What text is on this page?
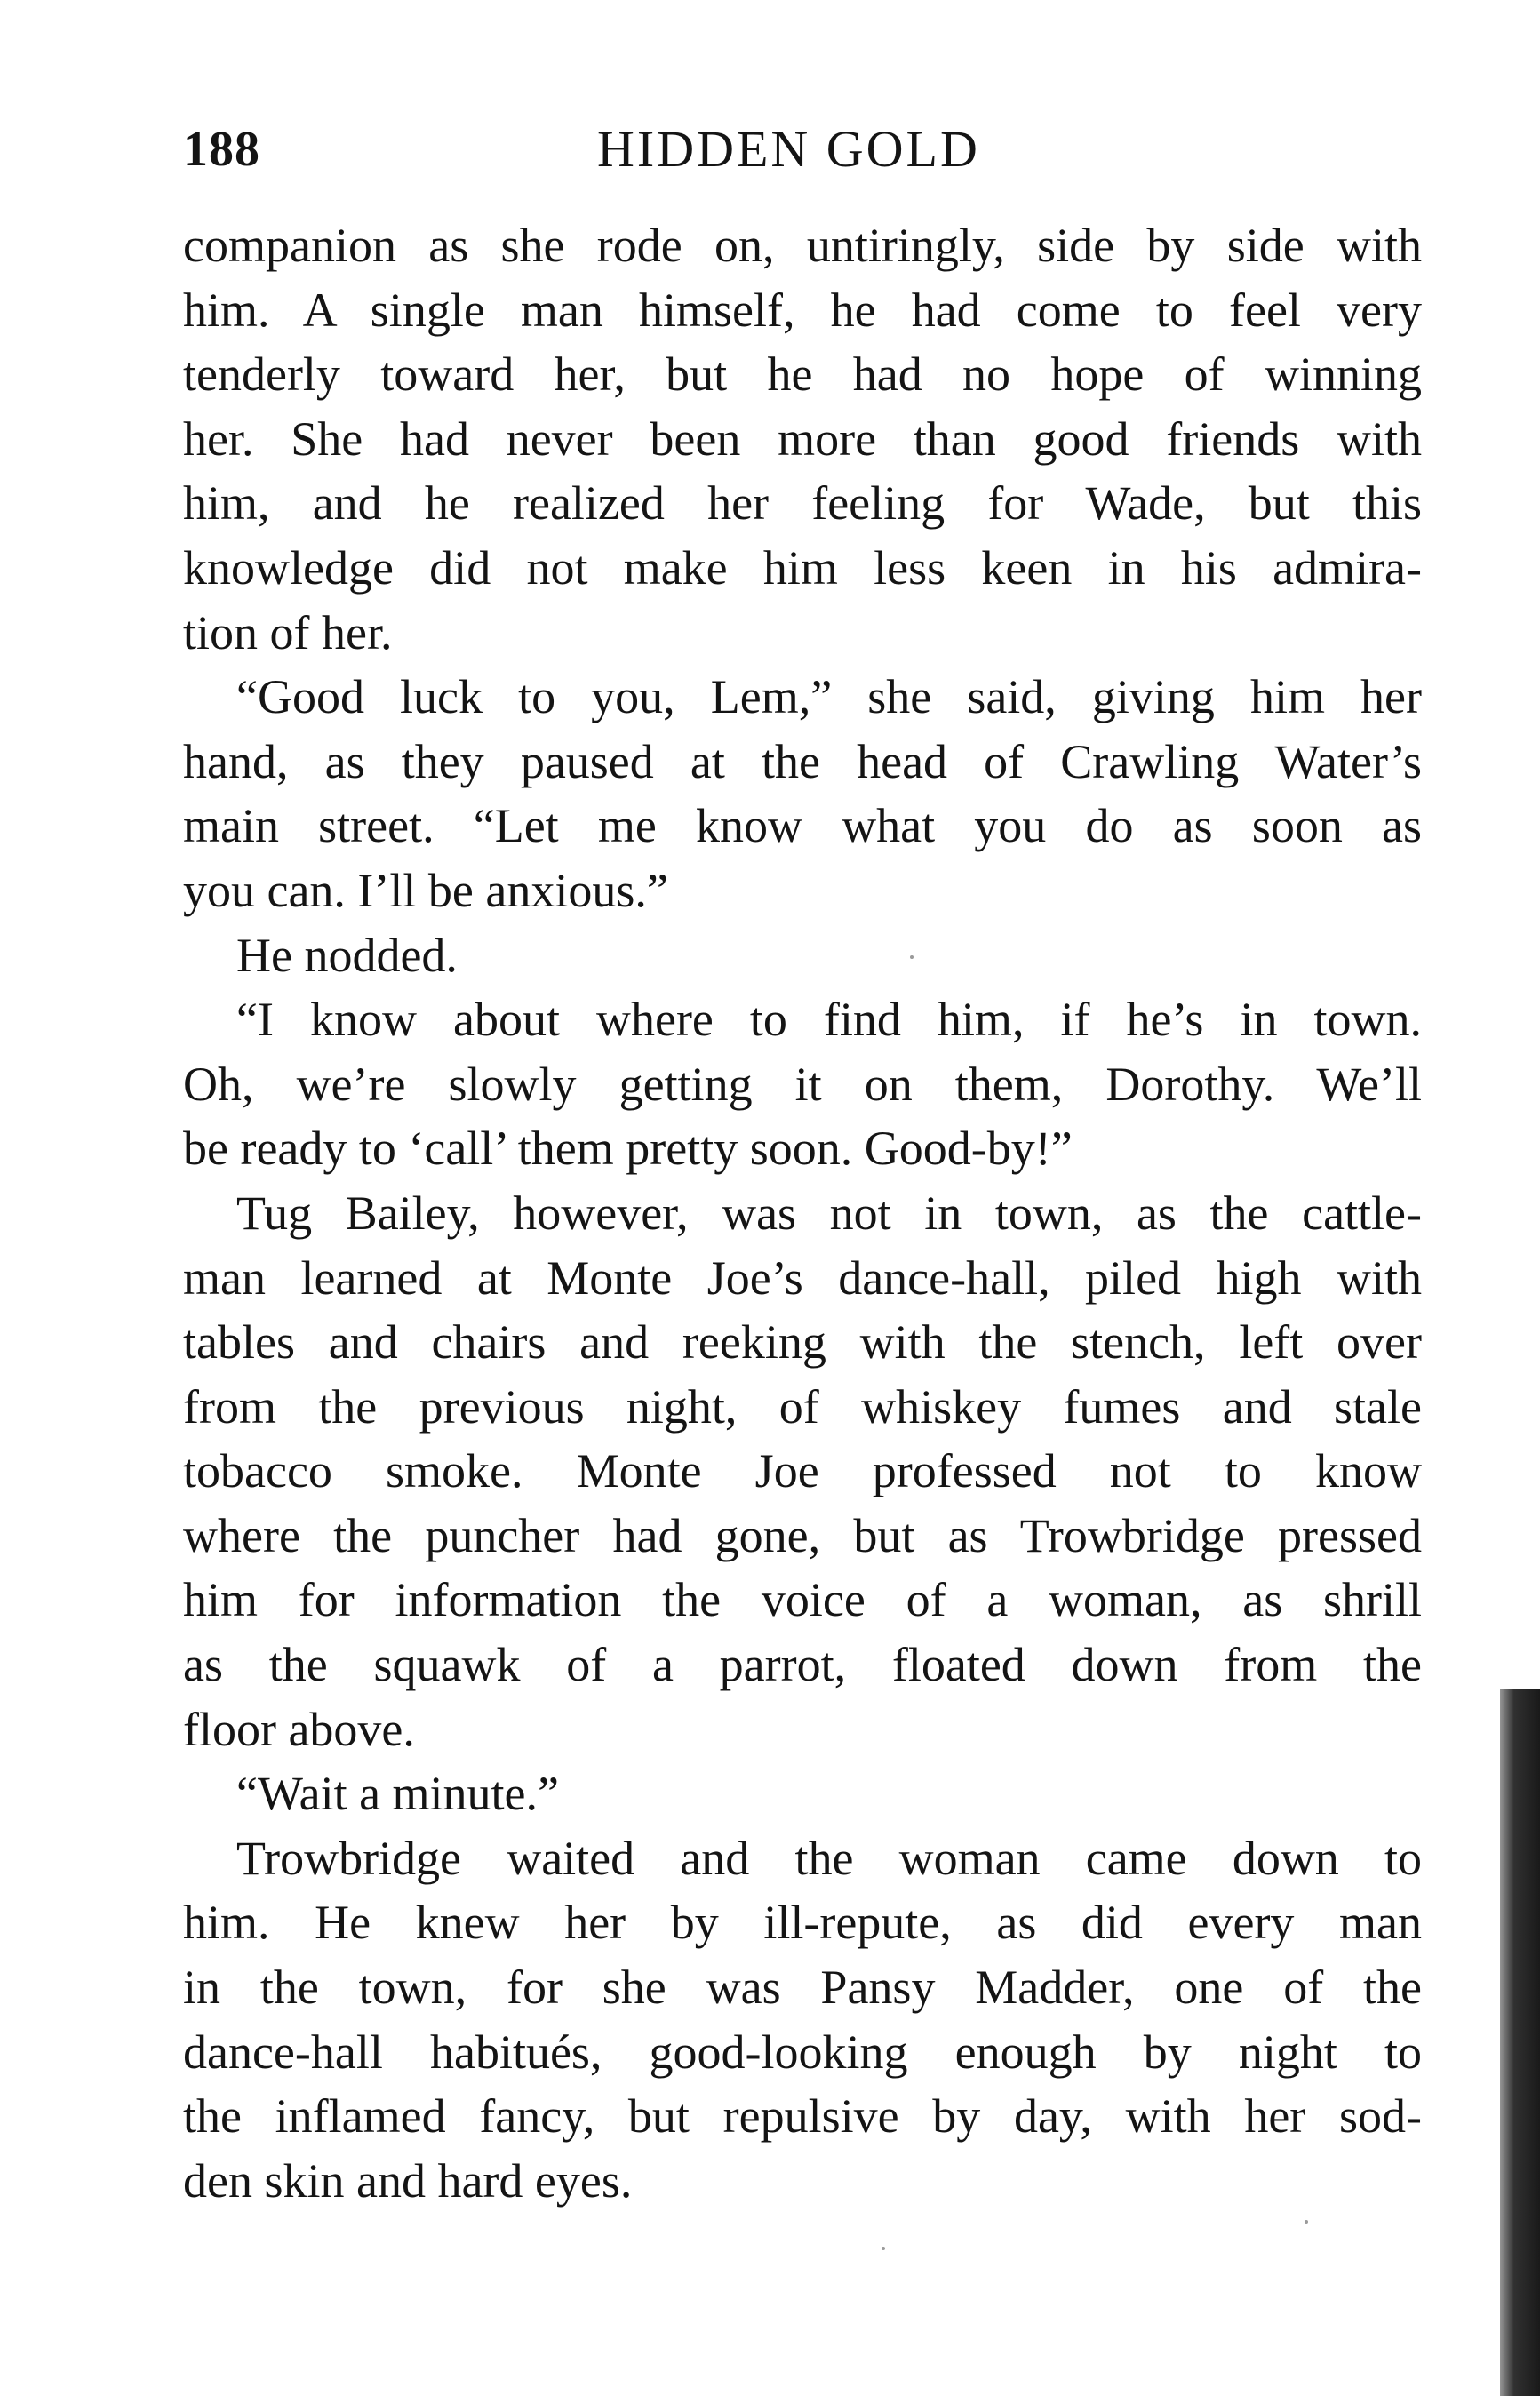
188	HIDDEN GOLD
companion as she rode on, untiringly, side by side with
him. A single man himself, he had come to feel very
tenderly toward her, but he had no hope of winning
her. She had never been more than good friends with
him, and he realized her feeling for Wade, but this
knowledge did not make him less keen in his admira-
tion of her.
“Good luck to you, Lem,” she said, giving him her
hand, as they paused at the head of Crawling Water’s
main street. “Let me know what you do as soon as
you can. I’ll be anxious.”
He nodded.
“I know about where to find him, if he’s in town.
Oh, we’re slowly getting it on them, Dorothy. We’ll
be ready to ‘call’ them pretty soon. Good-by!”
Tug Bailey, however, was not in town, as the cattle-
man learned at Monte Joe’s dance-hall, piled high with
tables and chairs and reeking with the stench, left over
from the previous night, of whiskey fumes and stale
tobacco smoke. Monte Joe professed not to know
where the puncher had gone, but as Trowbridge pressed
him for information the voice of a woman, as shrill
as the squawk of a parrot, floated down from the
floor above.
“Wait a minute.”
Trowbridge waited and the woman came down to
him. He knew her by ill-repute, as did every man
in the town, for she was Pansy Madder, one of the
dance-hall habitués, good-looking enough by night to
the inflamed fancy, but repulsive by day, with her sod-
den skin and hard eyes.
